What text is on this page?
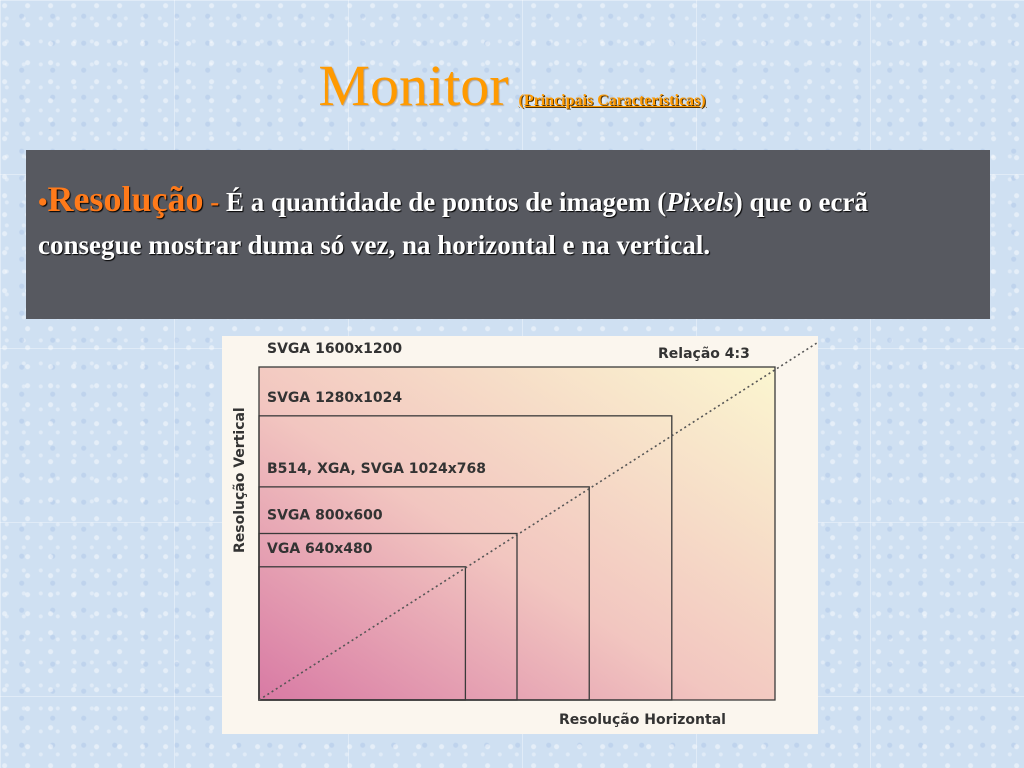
Monitor (Principais Características)
•Resolução - É a quantidade de pontos de imagem (Pixels) que o ecrã consegue mostrar duma só vez, na horizontal e na vertical.
VGA 640x480
SVGA 800x600
B514, XGA, SVGA 1024x768
SVGA 1280x1024
SVGA 1600x1200	Relação 4:3
Resolução Vertical
Resolução Horizontal
